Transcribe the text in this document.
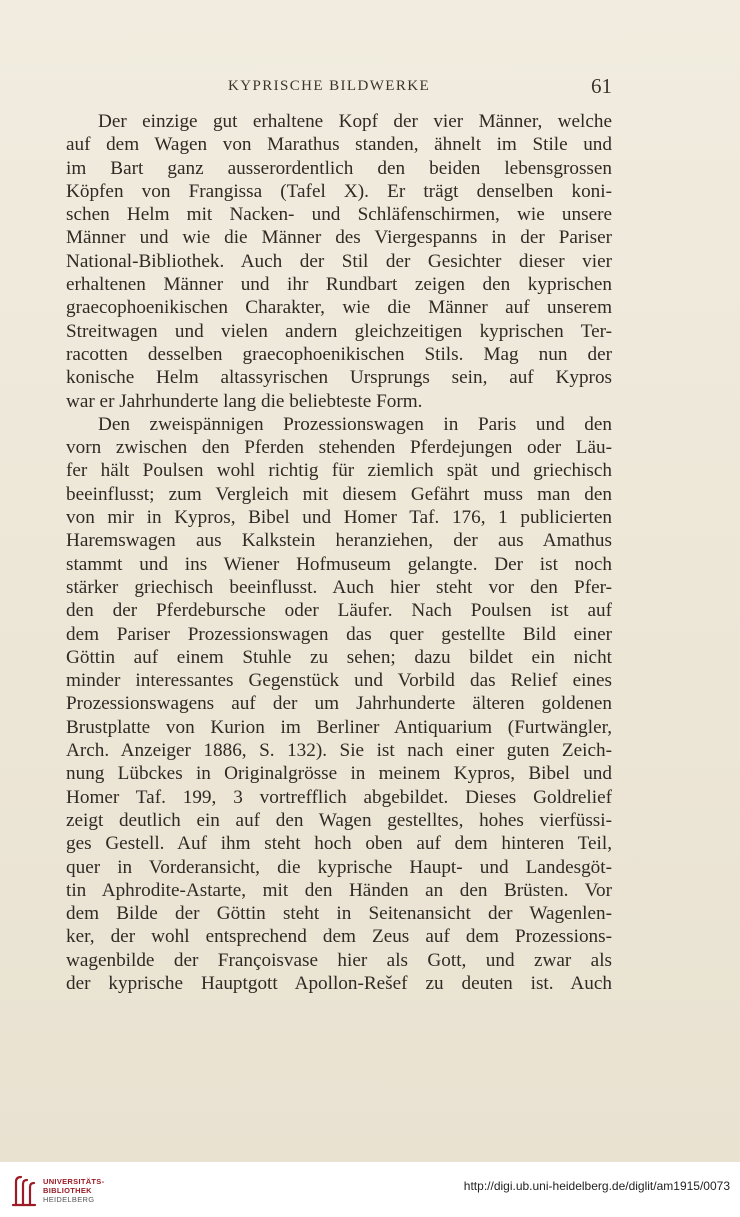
KYPRISCHE BILDWERKE	61
Der einzige gut erhaltene Kopf der vier Männer, welche
auf dem Wagen von Marathus standen, ähnelt im Stile und
im Bart ganz ausserordentlich den beiden lebensgrossen
Köpfen von Frangissa (Tafel X). Er trägt denselben koni-
schen Helm mit Nacken- und Schläfenschirmen, wie unsere
Männer und wie die Männer des Viergespanns in der Pariser
National-Bibliothek. Auch der Stil der Gesichter dieser vier
erhaltenen Männer und ihr Rundbart zeigen den kyprischen
graecophoenikischen Charakter, wie die Männer auf unserem
Streitwagen und vielen andern gleichzeitigen kyprischen Ter-
racotten desselben graecophoenikischen Stils. Mag nun der
konische Helm altassyrischen Ursprungs sein, auf Kypros
war er Jahrhunderte lang die beliebteste Form.
Den zweispännigen Prozessionswagen in Paris und den
vorn zwischen den Pferden stehenden Pferdejungen oder Läu-
fer hält Poulsen wohl richtig für ziemlich spät und griechisch
beeinflusst; zum Vergleich mit diesem Gefährt muss man den
von mir in Kypros, Bibel und Homer Taf. 176, 1 publicierten
Haremswagen aus Kalkstein heranziehen, der aus Amathus
stammt und ins Wiener Hofmuseum gelangte. Der ist noch
stärker griechisch beeinflusst. Auch hier steht vor den Pfer-
den der Pferdebursche oder Läufer. Nach Poulsen ist auf
dem Pariser Prozessionswagen das quer gestellte Bild einer
Göttin auf einem Stuhle zu sehen; dazu bildet ein nicht
minder interessantes Gegenstück und Vorbild das Relief eines
Prozessionswagens auf der um Jahrhunderte älteren goldenen
Brustplatte von Kurion im Berliner Antiquarium (Furtwängler,
Arch. Anzeiger 1886, S. 132). Sie ist nach einer guten Zeich-
nung Lübckes in Originalgrösse in meinem Kypros, Bibel und
Homer Taf. 199, 3 vortrefflich abgebildet. Dieses Goldrelief
zeigt deutlich ein auf den Wagen gestelltes, hohes vierfüssi-
ges Gestell. Auf ihm steht hoch oben auf dem hinteren Teil,
quer in Vorderansicht, die kyprische Haupt- und Landesgöt-
tin Aphrodite-Astarte, mit den Händen an den Brüsten. Vor
dem Bilde der Göttin steht in Seitenansicht der Wagenlen-
ker, der wohl entsprechend dem Zeus auf dem Prozessions-
wagenbilde der Françoisvase hier als Gott, und zwar als
der kyprische Hauptgott Apollon-Rešef zu deuten ist. Auch
UNIVERSITÄTS-
BIBLIOTHEK
HEIDELBERG
http://digi.ub.uni-heidelberg.de/diglit/am1915/0073
